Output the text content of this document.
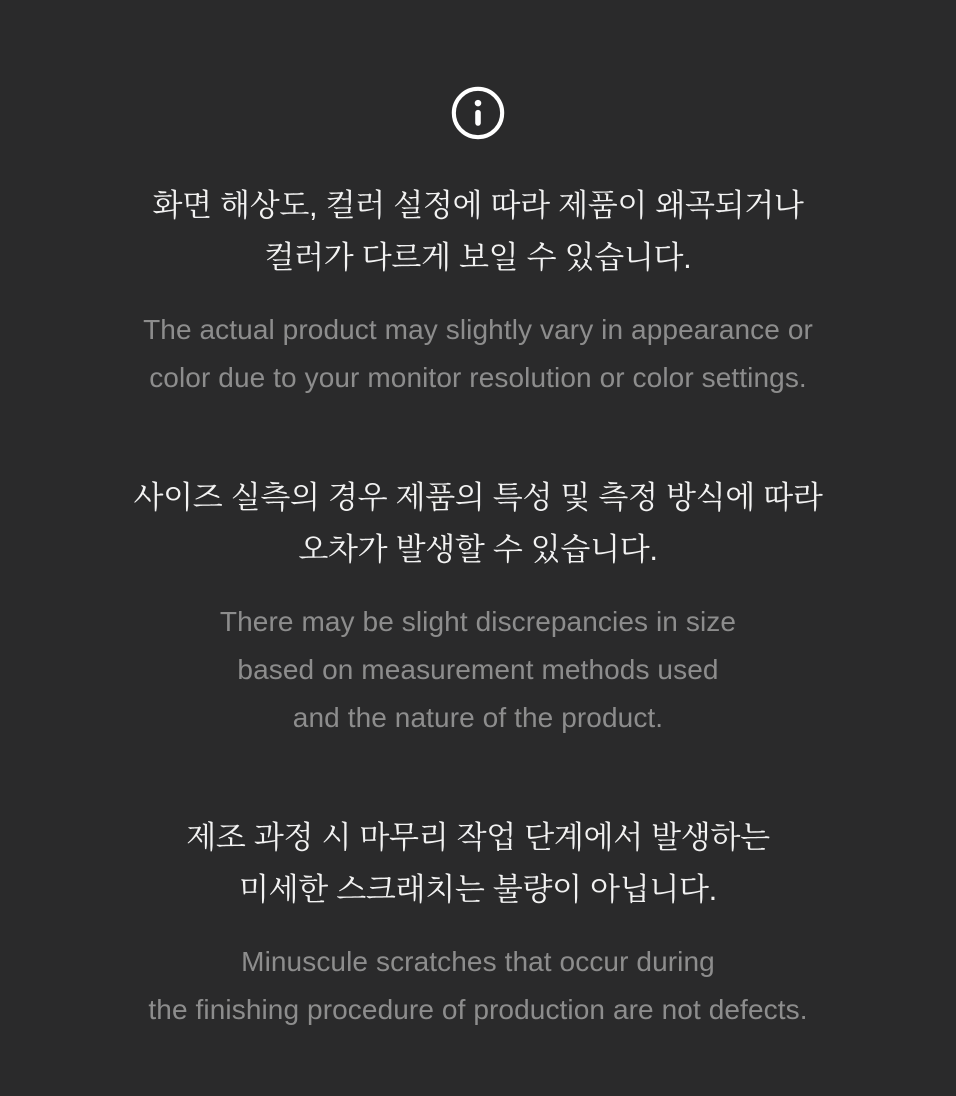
화면 해상도, 컬러 설정에 따라 제품이 왜곡되거나
컬러가 다르게 보일 수 있습니다.
The actual product may slightly vary in appearance or
color due to your monitor resolution or color settings.
사이즈 실측의 경우 제품의 특성 및 측정 방식에 따라
오차가 발생할 수 있습니다.
There may be slight discrepancies in size
based on measurement methods used
and the nature of the product.
제조 과정 시 마무리 작업 단계에서 발생하는
미세한 스크래치는 불량이 아닙니다.
Minuscule scratches that occur during
the finishing procedure of production are not defects.
